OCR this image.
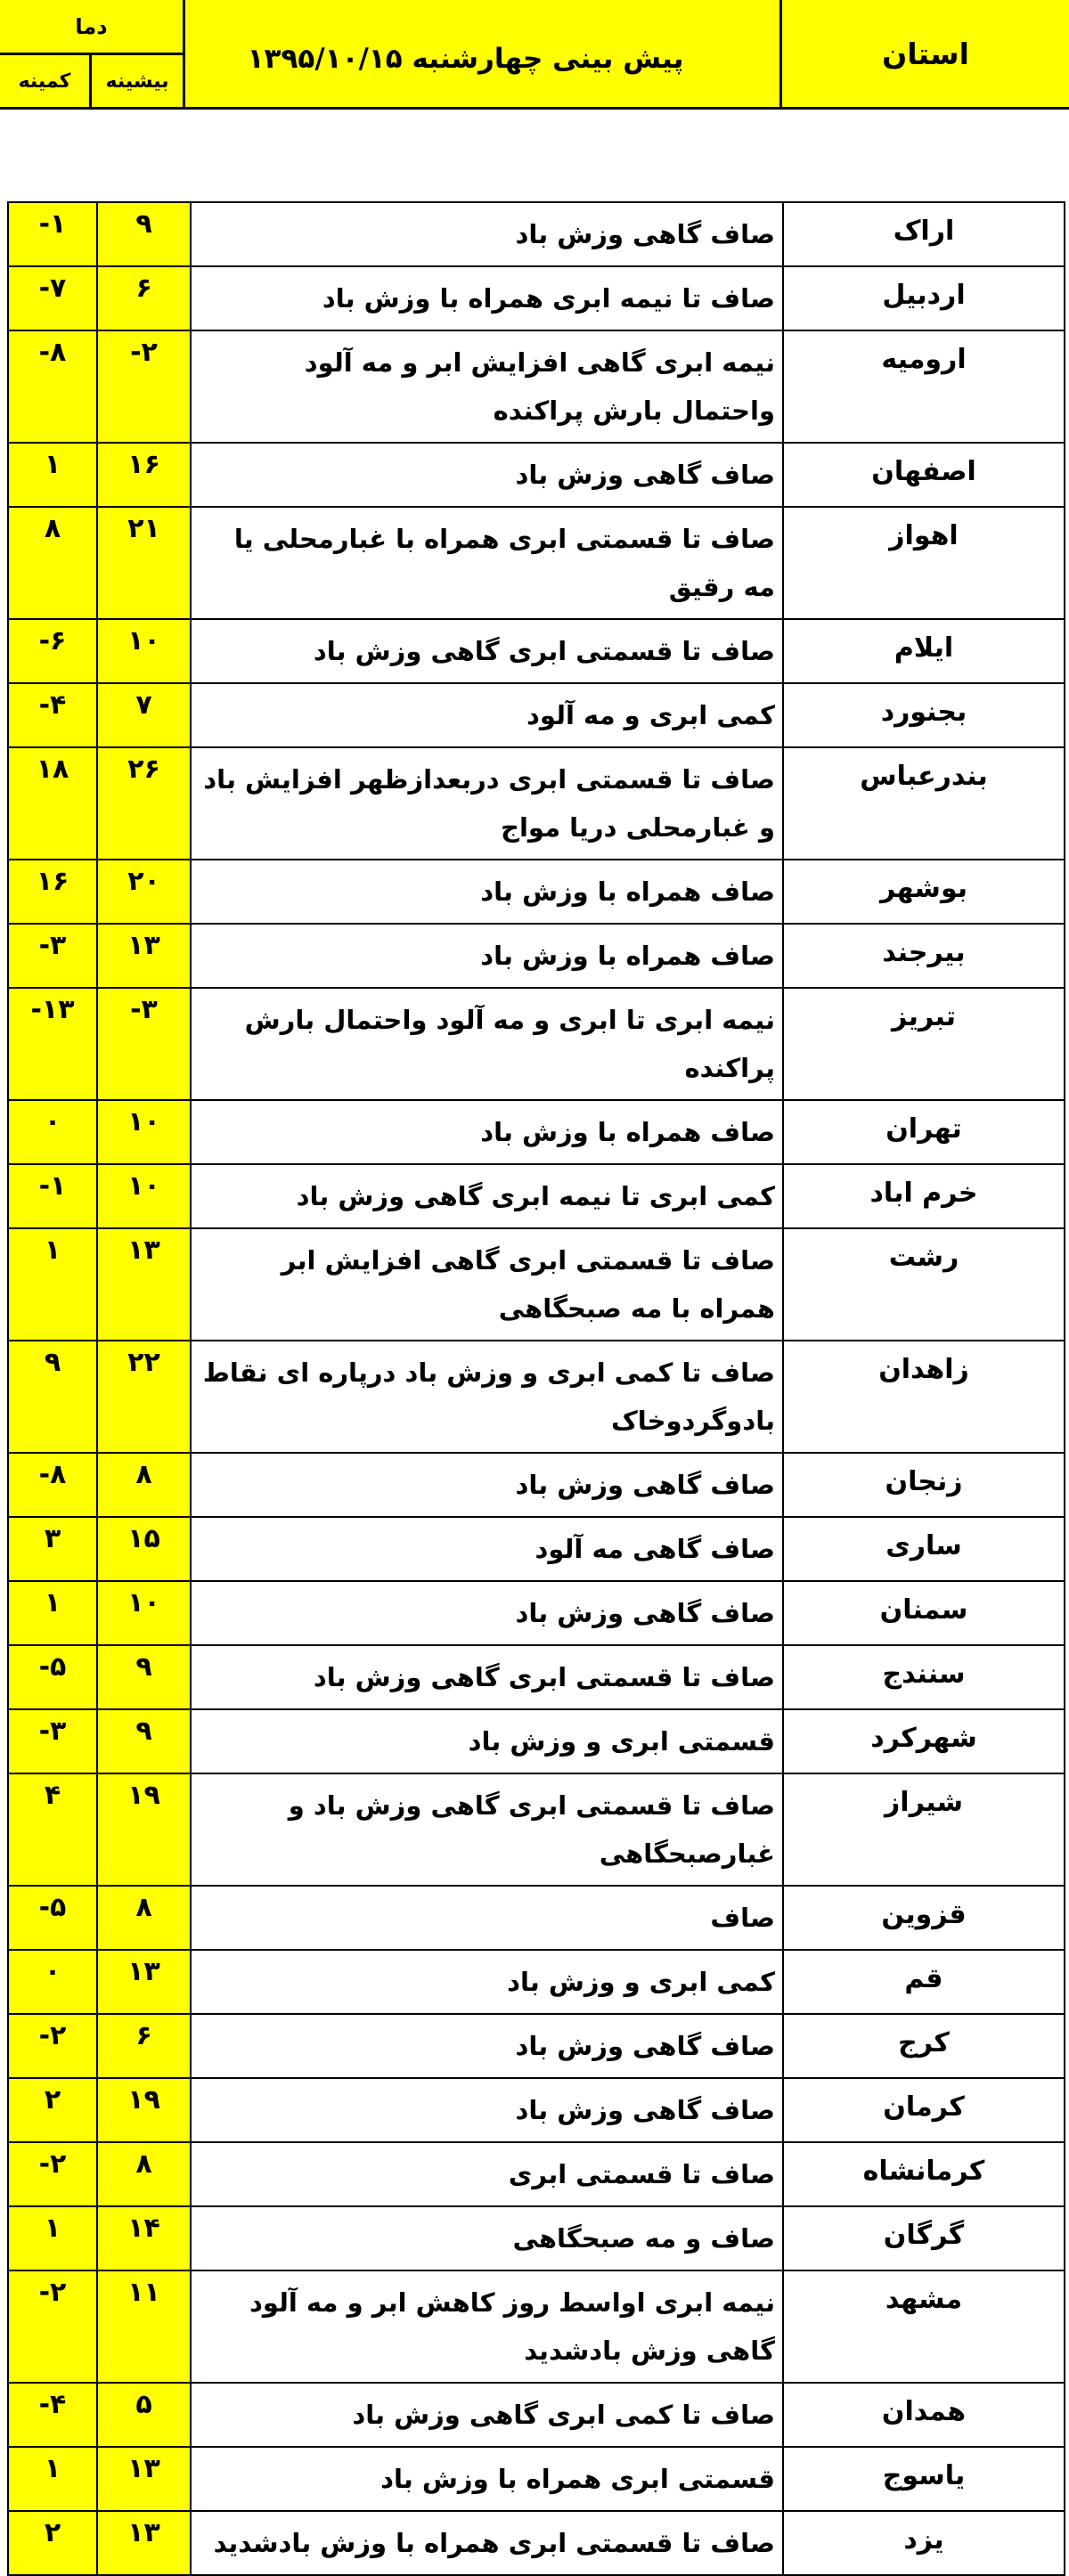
استان
پیش بینی چهارشنبه ۱۳۹۵/۱۰/۱۵
دما
بیشینه
کمینه
-۱	۹	صاف گاهی وزش باد	اراک
-۷	۶	صاف تا نیمه ابری همراه با وزش باد	اردبیل
-۸	-۲	نیمه ابری گاهی افزایش ابر و مه آلود واحتمال بارش پراکنده	ارومیه
۱	۱۶	صاف گاهی وزش باد	اصفهان
۸	۲۱	صاف تا قسمتی ابری همراه با غبارمحلی یا مه رقیق	اهواز
-۶	۱۰	صاف تا قسمتی ابری گاهی وزش باد	ایلام
-۴	۷	کمی ابری و مه آلود	بجنورد
۱۸	۲۶	صاف تا قسمتی ابری دربعدازظهر افزایش باد و غبارمحلی دریا مواج	بندرعباس
۱۶	۲۰	صاف همراه با وزش باد	بوشهر
-۳	۱۳	صاف همراه با وزش باد	بیرجند
-۱۳	-۳	نیمه ابری تا ابری و مه آلود واحتمال بارش پراکنده	تبریز
۰	۱۰	صاف همراه با وزش باد	تهران
-۱	۱۰	کمی ابری تا نیمه ابری گاهی وزش باد	خرم اباد
۱	۱۳	صاف تا قسمتی ابری گاهی افزایش ابر همراه با مه صبحگاهی	رشت
۹	۲۲	صاف تا کمی ابری و وزش باد درپاره ای نقاط بادوگردوخاک	زاهدان
-۸	۸	صاف گاهی وزش باد	زنجان
۳	۱۵	صاف گاهی مه آلود	ساری
۱	۱۰	صاف گاهی وزش باد	سمنان
-۵	۹	صاف تا قسمتی ابری گاهی وزش باد	سنندج
-۳	۹	قسمتی ابری و وزش باد	شهرکرد
۴	۱۹	صاف تا قسمتی ابری گاهی وزش باد و غبارصبحگاهی	شیراز
-۵	۸	صاف	قزوین
۰	۱۳	کمی ابری و وزش باد	قم
-۲	۶	صاف گاهی وزش باد	کرج
۲	۱۹	صاف گاهی وزش باد	کرمان
-۲	۸	صاف تا قسمتی ابری	کرمانشاه
۱	۱۴	صاف و مه صبحگاهی	گرگان
-۲	۱۱	نیمه ابری اواسط روز کاهش ابر و مه آلود گاهی وزش بادشدید	مشهد
-۴	۵	صاف تا کمی ابری گاهی وزش باد	همدان
۱	۱۳	قسمتی ابری همراه با وزش باد	یاسوج
۲	۱۳	صاف تا قسمتی ابری همراه با وزش بادشدید	یزد
